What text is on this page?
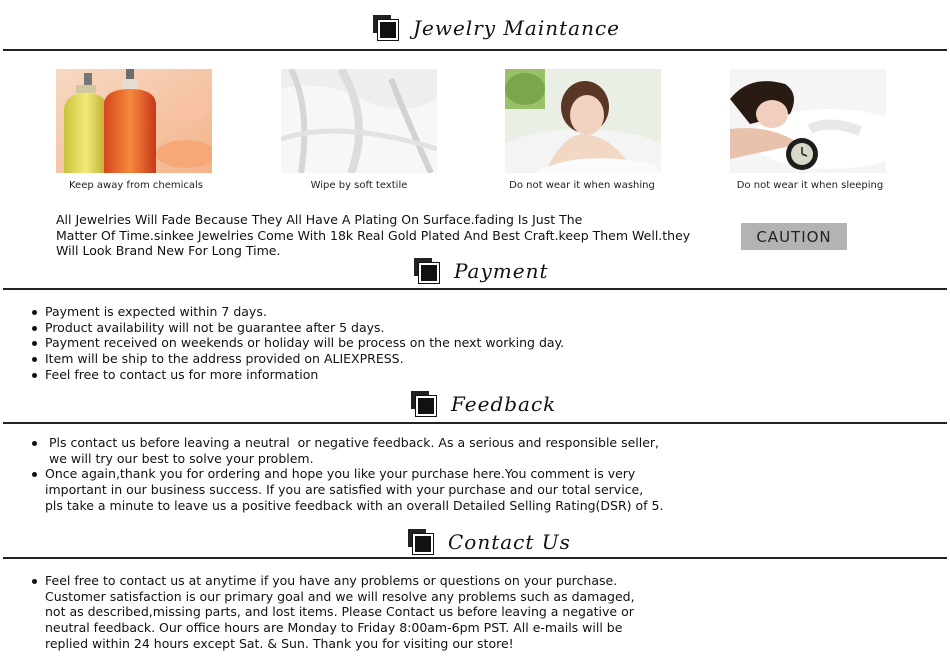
Jewelry Maintance
Keep away from chemicals	Wipe by soft textile	Do not wear it when washing	Do not wear it when sleeping
All Jewelries Will Fade Because They All Have A Plating On Surface.fading Is Just The
Matter Of Time.sinkee Jewelries Come With 18k Real Gold Plated And Best Craft.keep Them Well.they
Will Look Brand New For Long Time.
CAUTION
Payment
Payment is expected within 7 days.
Product availability will not be guarantee after 5 days.
Payment received on weekends or holiday will be process on the next working day.
Item will be ship to the address provided on ALIEXPRESS.
Feel free to contact us for more information
Feedback
Pls contact us before leaving a neutral  or negative feedback. As a serious and responsible seller,
we will try our best to solve your problem.
Once again,thank you for ordering and hope you like your purchase here.You comment is very
important in our business success. If you are satisfied with your purchase and our total service,
pls take a minute to leave us a positive feedback with an overall Detailed Selling Rating(DSR) of 5.
Contact Us
Feel free to contact us at anytime if you have any problems or questions on your purchase.
Customer satisfaction is our primary goal and we will resolve any problems such as damaged,
not as described,missing parts, and lost items. Please Contact us before leaving a negative or
neutral feedback. Our office hours are Monday to Friday 8:00am-6pm PST. All e-mails will be
replied within 24 hours except Sat. & Sun. Thank you for visiting our store!
